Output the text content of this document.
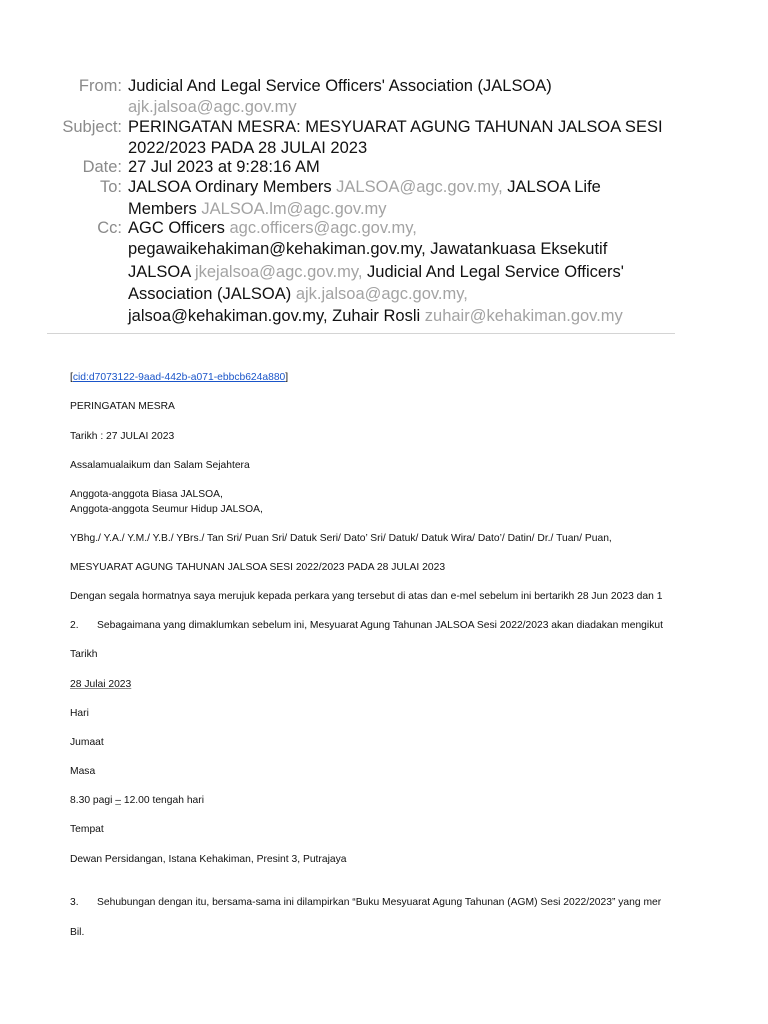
From: Judicial And Legal Service Officers' Association (JALSOA)
ajk.jalsoa@agc.gov.my
Subject: PERINGATAN MESRA: MESYUARAT AGUNG TAHUNAN JALSOA SESI
2022/2023 PADA 28 JULAI 2023
Date: 27 Jul 2023 at 9:28:16 AM
To: JALSOA Ordinary Members JALSOA@agc.gov.my, JALSOA Life
Members JALSOA.lm@agc.gov.my
Cc: AGC Officers agc.officers@agc.gov.my,
pegawaikehakiman@kehakiman.gov.my, Jawatankuasa Eksekutif
JALSOA jkejalsoa@agc.gov.my, Judicial And Legal Service Officers'
Association (JALSOA) ajk.jalsoa@agc.gov.my,
jalsoa@kehakiman.gov.my, Zuhair Rosli zuhair@kehakiman.gov.my
[cid:d7073122-9aad-442b-a071-ebbcb624a880]
PERINGATAN MESRA
Tarikh : 27 JULAI 2023
Assalamualaikum dan Salam Sejahtera
Anggota-anggota Biasa JALSOA,
Anggota-anggota Seumur Hidup JALSOA,
YBhg./ Y.A./ Y.M./ Y.B./ YBrs./ Tan Sri/ Puan Sri/ Datuk Seri/ Dato’ Sri/ Datuk/ Datuk Wira/ Dato’/ Datin/ Dr./ Tuan/ Puan,
MESYUARAT AGUNG TAHUNAN JALSOA SESI 2022/2023 PADA 28 JULAI 2023
Dengan segala hormatnya saya merujuk kepada perkara yang tersebut di atas dan e-mel sebelum ini bertarikh 28 Jun 2023 dan 1
2. Sebagaimana yang dimaklumkan sebelum ini, Mesyuarat Agung Tahunan JALSOA Sesi 2022/2023 akan diadakan mengikut
Tarikh
28 Julai 2023
Hari
Jumaat
Masa
8.30 pagi – 12.00 tengah hari
Tempat
Dewan Persidangan, Istana Kehakiman, Presint 3, Putrajaya
3. Sehubungan dengan itu, bersama-sama ini dilampirkan “Buku Mesyuarat Agung Tahunan (AGM) Sesi 2022/2023” yang mer
Bil.
